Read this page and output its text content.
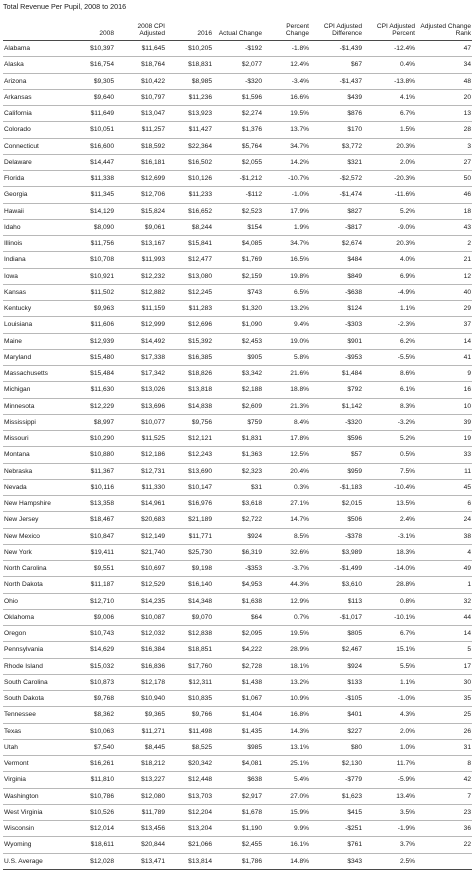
Total Revenue Per Pupil, 2008 to 2016
	2008	2008 CPI Adjusted	2016	Actual Change	Percent Change	CPI Adjusted Difference	CPI Adjusted Percent	Adjusted Change Rank
Alabama	$10,397	$11,645	$10,205	-$192	-1.8%	-$1,439	-12.4%	47
Alaska	$16,754	$18,764	$18,831	$2,077	12.4%	$67	0.4%	34
Arizona	$9,305	$10,422	$8,985	-$320	-3.4%	-$1,437	-13.8%	48
Arkansas	$9,640	$10,797	$11,236	$1,596	16.6%	$439	4.1%	20
California	$11,649	$13,047	$13,923	$2,274	19.5%	$876	6.7%	13
Colorado	$10,051	$11,257	$11,427	$1,376	13.7%	$170	1.5%	28
Connecticut	$16,600	$18,592	$22,364	$5,764	34.7%	$3,772	20.3%	3
Delaware	$14,447	$16,181	$16,502	$2,055	14.2%	$321	2.0%	27
Florida	$11,338	$12,699	$10,126	-$1,212	-10.7%	-$2,572	-20.3%	50
Georgia	$11,345	$12,706	$11,233	-$112	-1.0%	-$1,474	-11.6%	46
Hawaii	$14,129	$15,824	$16,652	$2,523	17.9%	$827	5.2%	18
Idaho	$8,090	$9,061	$8,244	$154	1.9%	-$817	-9.0%	43
Illinois	$11,756	$13,167	$15,841	$4,085	34.7%	$2,674	20.3%	2
Indiana	$10,708	$11,993	$12,477	$1,769	16.5%	$484	4.0%	21
Iowa	$10,921	$12,232	$13,080	$2,159	19.8%	$849	6.9%	12
Kansas	$11,502	$12,882	$12,245	$743	6.5%	-$638	-4.9%	40
Kentucky	$9,963	$11,159	$11,283	$1,320	13.2%	$124	1.1%	29
Louisiana	$11,606	$12,999	$12,696	$1,090	9.4%	-$303	-2.3%	37
Maine	$12,939	$14,492	$15,392	$2,453	19.0%	$901	6.2%	14
Maryland	$15,480	$17,338	$16,385	$905	5.8%	-$953	-5.5%	41
Massachusetts	$15,484	$17,342	$18,826	$3,342	21.6%	$1,484	8.6%	9
Michigan	$11,630	$13,026	$13,818	$2,188	18.8%	$792	6.1%	16
Minnesota	$12,229	$13,696	$14,838	$2,609	21.3%	$1,142	8.3%	10
Mississippi	$8,997	$10,077	$9,756	$759	8.4%	-$320	-3.2%	39
Missouri	$10,290	$11,525	$12,121	$1,831	17.8%	$596	5.2%	19
Montana	$10,880	$12,186	$12,243	$1,363	12.5%	$57	0.5%	33
Nebraska	$11,367	$12,731	$13,690	$2,323	20.4%	$959	7.5%	11
Nevada	$10,116	$11,330	$10,147	$31	0.3%	-$1,183	-10.4%	45
New Hampshire	$13,358	$14,961	$16,976	$3,618	27.1%	$2,015	13.5%	6
New Jersey	$18,467	$20,683	$21,189	$2,722	14.7%	$506	2.4%	24
New Mexico	$10,847	$12,149	$11,771	$924	8.5%	-$378	-3.1%	38
New York	$19,411	$21,740	$25,730	$6,319	32.6%	$3,989	18.3%	4
North Carolina	$9,551	$10,697	$9,198	-$353	-3.7%	-$1,499	-14.0%	49
North Dakota	$11,187	$12,529	$16,140	$4,953	44.3%	$3,610	28.8%	1
Ohio	$12,710	$14,235	$14,348	$1,638	12.9%	$113	0.8%	32
Oklahoma	$9,006	$10,087	$9,070	$64	0.7%	-$1,017	-10.1%	44
Oregon	$10,743	$12,032	$12,838	$2,095	19.5%	$805	6.7%	14
Pennsylvania	$14,629	$16,384	$18,851	$4,222	28.9%	$2,467	15.1%	5
Rhode Island	$15,032	$16,836	$17,760	$2,728	18.1%	$924	5.5%	17
South Carolina	$10,873	$12,178	$12,311	$1,438	13.2%	$133	1.1%	30
South Dakota	$9,768	$10,940	$10,835	$1,067	10.9%	-$105	-1.0%	35
Tennessee	$8,362	$9,365	$9,766	$1,404	16.8%	$401	4.3%	25
Texas	$10,063	$11,271	$11,498	$1,435	14.3%	$227	2.0%	26
Utah	$7,540	$8,445	$8,525	$985	13.1%	$80	1.0%	31
Vermont	$16,261	$18,212	$20,342	$4,081	25.1%	$2,130	11.7%	8
Virginia	$11,810	$13,227	$12,448	$638	5.4%	-$779	-5.9%	42
Washington	$10,786	$12,080	$13,703	$2,917	27.0%	$1,623	13.4%	7
West Virginia	$10,526	$11,789	$12,204	$1,678	15.9%	$415	3.5%	23
Wisconsin	$12,014	$13,456	$13,204	$1,190	9.9%	-$251	-1.9%	36
Wyoming	$18,611	$20,844	$21,066	$2,455	16.1%	$761	3.7%	22
U.S. Average	$12,028	$13,471	$13,814	$1,786	14.8%	$343	2.5%	
